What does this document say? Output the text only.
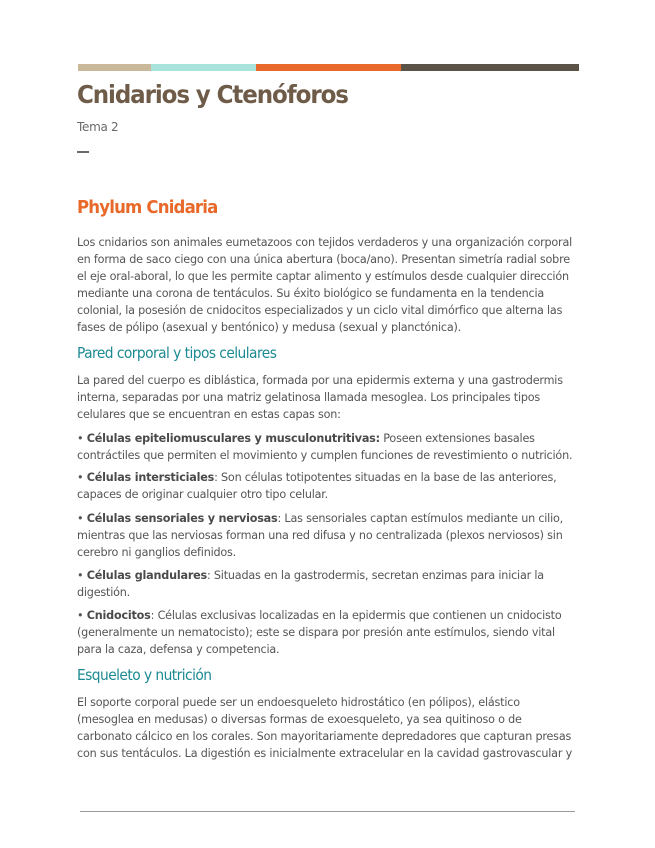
Cnidarios y Ctenóforos
Tema 2
Phylum Cnidaria

Los cnidarios son animales eumetazoos con tejidos verdaderos y una organización corporal en forma de saco ciego con una única abertura (boca/ano). Presentan simetría radial sobre el eje oral-aboral, lo que les permite captar alimento y estímulos desde cualquier dirección mediante una corona de tentáculos. Su éxito biológico se fundamenta en la tendencia colonial, la posesión de cnidocitos especializados y un ciclo vital dimórfico que alterna las fases de pólipo (asexual y bentónico) y medusa (sexual y planctónica).

Pared corporal y tipos celulares

La pared del cuerpo es diblástica, formada por una epidermis externa y una gastrodermis interna, separadas por una matriz gelatinosa llamada mesoglea. Los principales tipos celulares que se encuentran en estas capas son:

• Células epiteliomusculares y musculonutritivas: Poseen extensiones basales contráctiles que permiten el movimiento y cumplen funciones de revestimiento o nutrición.

• Células intersticiales: Son células totipotentes situadas en la base de las anteriores, capaces de originar cualquier otro tipo celular.

• Células sensoriales y nerviosas: Las sensoriales captan estímulos mediante un cilio, mientras que las nerviosas forman una red difusa y no centralizada (plexos nerviosos) sin cerebro ni ganglios definidos.

• Células glandulares: Situadas en la gastrodermis, secretan enzimas para iniciar la digestión.

• Cnidocitos: Células exclusivas localizadas en la epidermis que contienen un cnidocisto (generalmente un nematocisto); este se dispara por presión ante estímulos, siendo vital para la caza, defensa y competencia.

Esqueleto y nutrición

El soporte corporal puede ser un endoesqueleto hidrostático (en pólipos), elástico (mesoglea en medusas) o diversas formas de exoesqueleto, ya sea quitinoso o de carbonato cálcico en los corales. Son mayoritariamente depredadores que capturan presas con sus tentáculos. La digestión es inicialmente extracelular en la cavidad gastrovascular y
